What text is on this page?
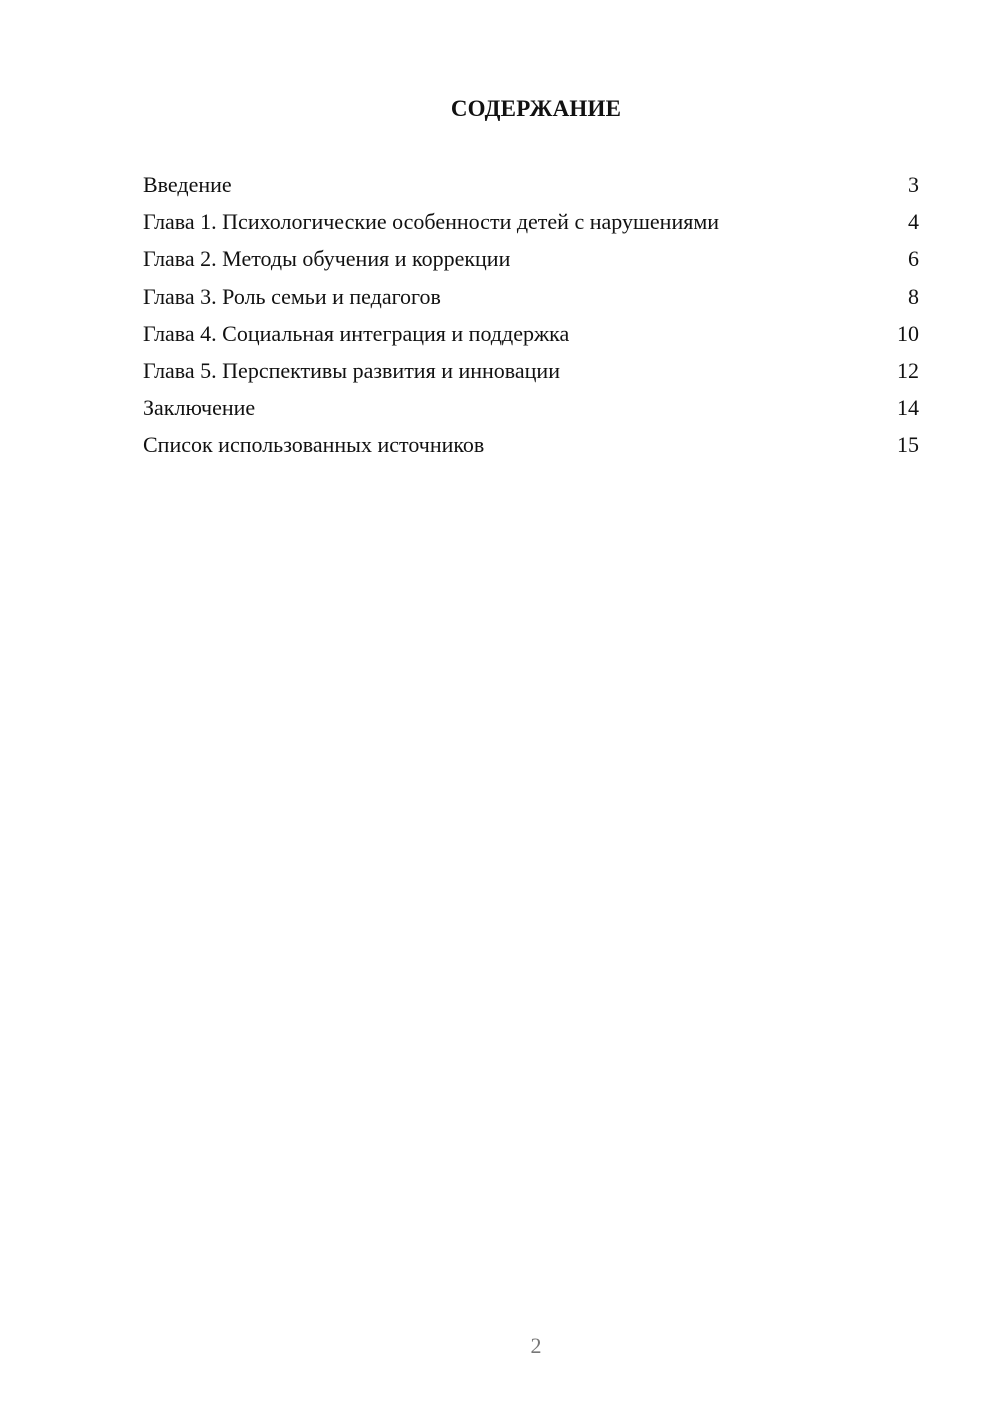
СОДЕРЖАНИЕ
Введение	3
Глава 1. Психологические особенности детей с нарушениями	4
Глава 2. Методы обучения и коррекции	6
Глава 3. Роль семьи и педагогов	8
Глава 4. Социальная интеграция и поддержка	10
Глава 5. Перспективы развития и инновации	12
Заключение	14
Список использованных источников	15
2
